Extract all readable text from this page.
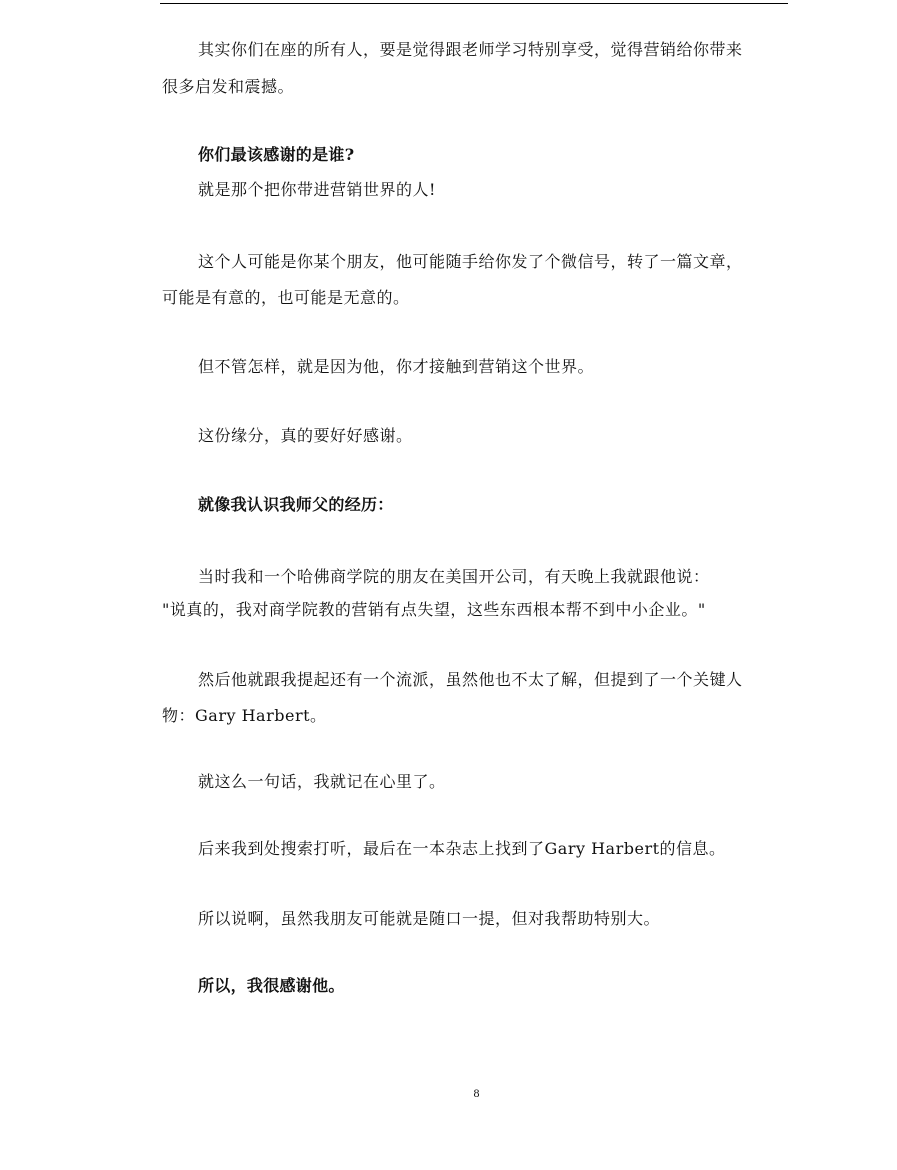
其实你们在座的所有人，要是觉得跟老师学习特别享受，觉得营销给你带来
很多启发和震撼。
你们最该感谢的是谁?
就是那个把你带进营销世界的人!
这个人可能是你某个朋友，他可能随手给你发了个微信号，转了一篇文章，
可能是有意的，也可能是无意的。
但不管怎样，就是因为他，你才接触到营销这个世界。
这份缘分，真的要好好感谢。
就像我认识我师父的经历：
当时我和一个哈佛商学院的朋友在美国开公司，有天晚上我就跟他说：
"说真的，我对商学院教的营销有点失望，这些东西根本帮不到中小企业。"
然后他就跟我提起还有一个流派，虽然他也不太了解，但提到了一个关键人
物：Gary Harbert。
就这么一句话，我就记在心里了。
后来我到处搜索打听，最后在一本杂志上找到了Gary Harbert的信息。
所以说啊，虽然我朋友可能就是随口一提，但对我帮助特别大。
所以，我很感谢他。
8
